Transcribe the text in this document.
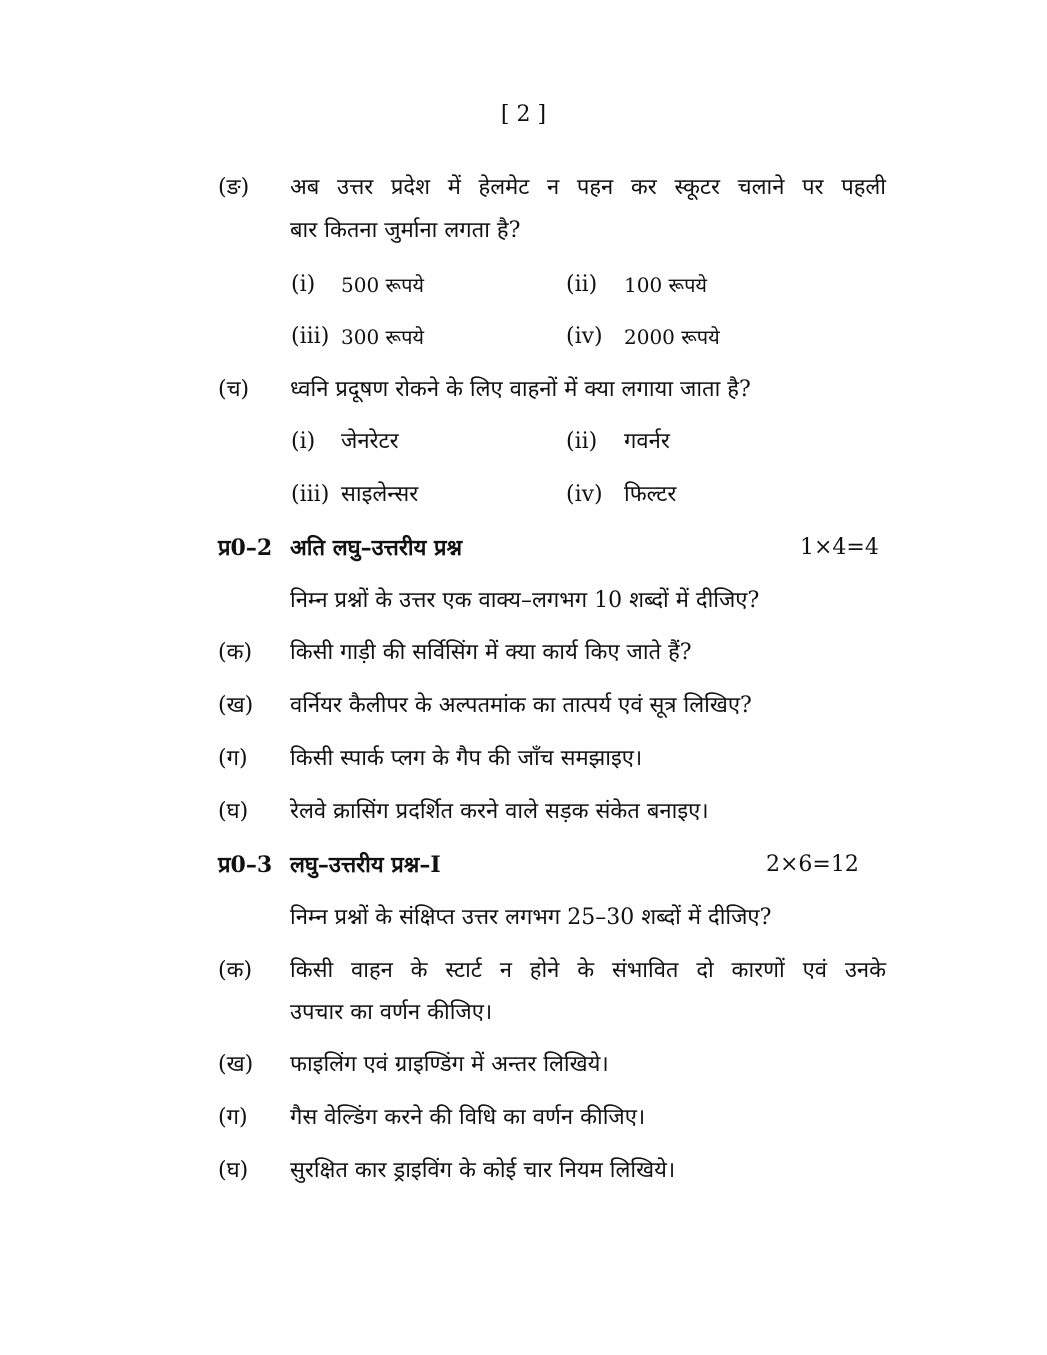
[ 2 ]
(ङ) अब उत्तर प्रदेश में हेलमेट न पहन कर स्कूटर चलाने पर पहली
बार कितना जुर्माना लगता है?
(i) 500 रूपये	(ii) 100 रूपये
(iii) 300 रूपये	(iv) 2000 रूपये
(च) ध्वनि प्रदूषण रोकने के लिए वाहनों में क्या लगाया जाता है?
(i) जेनरेटर	(ii) गवर्नर
(iii) साइलेन्सर	(iv) फिल्टर
प्र0–2 अति लघु–उत्तरीय प्रश्न	1×4=4
निम्न प्रश्नों के उत्तर एक वाक्य–लगभग 10 शब्दों में दीजिए?
(क) किसी गाड़ी की सर्विसिंग में क्या कार्य किए जाते हैं?
(ख) वर्नियर कैलीपर के अल्पतमांक का तात्पर्य एवं सूत्र लिखिए?
(ग) किसी स्पार्क प्लग के गैप की जाँच समझाइए।
(घ) रेलवे क्रासिंग प्रदर्शित करने वाले सड़क संकेत बनाइए।
प्र0–3 लघु–उत्तरीय प्रश्न–I	2×6=12
निम्न प्रश्नों के संक्षिप्त उत्तर लगभग 25–30 शब्दों में दीजिए?
(क) किसी वाहन के स्टार्ट न होने के संभावित दो कारणों एवं उनके
उपचार का वर्णन कीजिए।
(ख) फाइलिंग एवं ग्राइण्डिंग में अन्तर लिखिये।
(ग) गैस वेल्डिंग करने की विधि का वर्णन कीजिए।
(घ) सुरक्षित कार ड्राइविंग के कोई चार नियम लिखिये।
